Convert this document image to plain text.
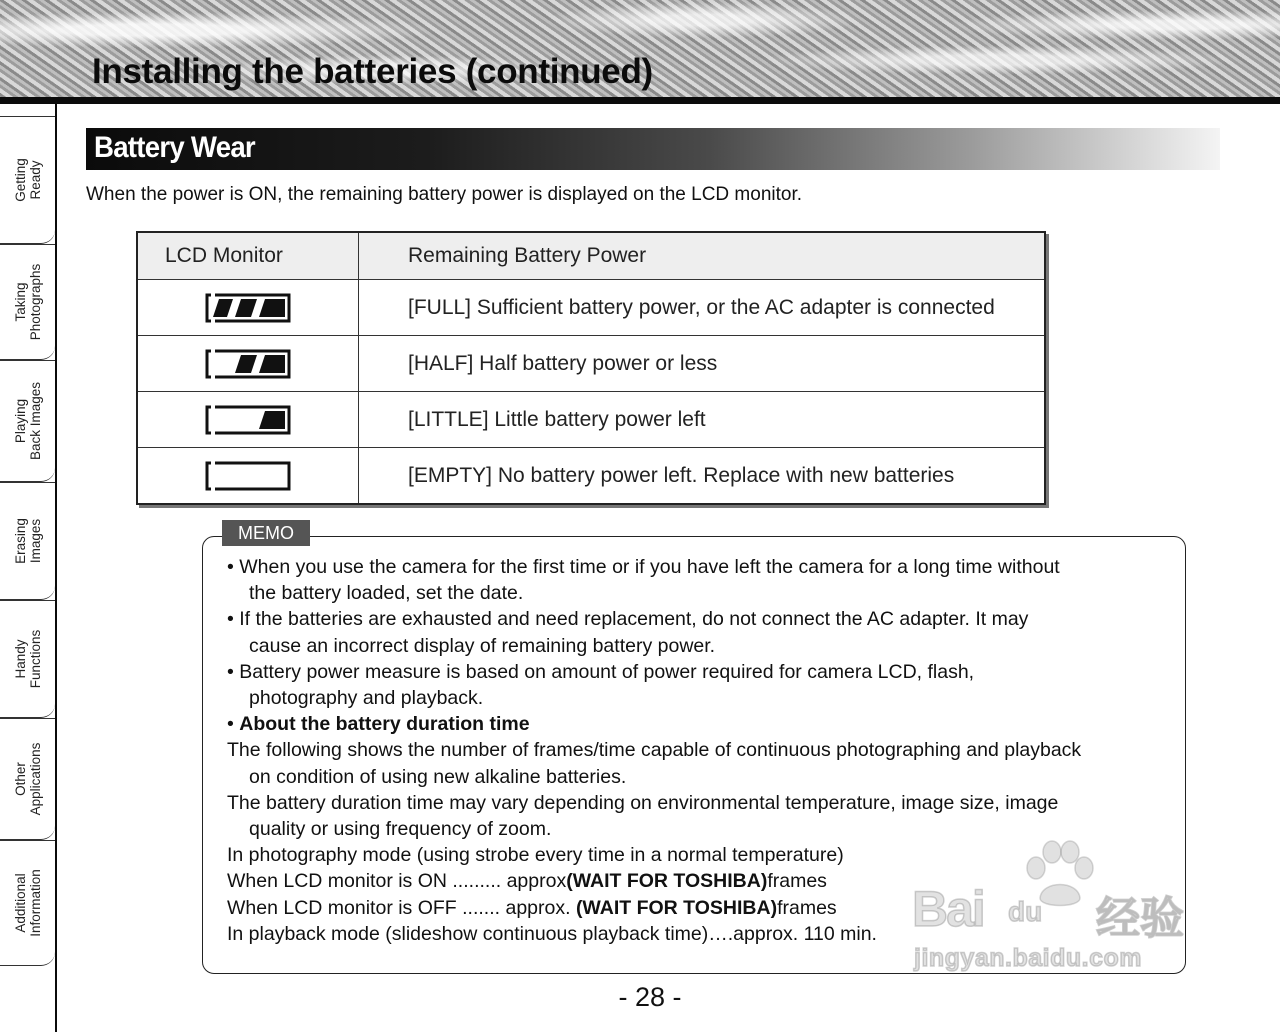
Installing the batteries (continued)
Getting
Ready
Taking
Photographs
Playing
Back Images
Erasing
Images
Handy
Functions
Other
Applications
Additional
Information
Battery Wear
When the power is ON, the remaining battery power is displayed on the LCD monitor.
LCD Monitor	Remaining Battery Power
	[FULL] Sufficient battery power, or the AC adapter is connected
	[HALF] Half battery power or less
	[LITTLE] Little battery power left
	[EMPTY] No battery power left. Replace with new batteries
MEMO

• When you use the camera for the first time or if you have left the camera for a long time without

the battery loaded, set the date.

• If the batteries are exhausted and need replacement, do not connect the AC adapter. It may

cause an incorrect display of remaining battery power.

• Battery power measure is based on amount of power required for camera LCD, flash,

photography and playback.

• About the battery duration time

The following shows the number of frames/time capable of continuous photographing and playback

on condition of using new alkaline batteries.

The battery duration time may vary depending on environmental temperature, image size, image

quality or using frequency of zoom.

In photography mode (using strobe every time in a normal temperature)

When LCD monitor is ON ......... approx(WAIT FOR TOSHIBA)frames

When LCD monitor is OFF ....... approx. (WAIT FOR TOSHIBA)frames

In playback mode (slideshow continuous playback time)….approx. 110 min.

- 28 -
Bai du 经验
jingyan.baidu.com
